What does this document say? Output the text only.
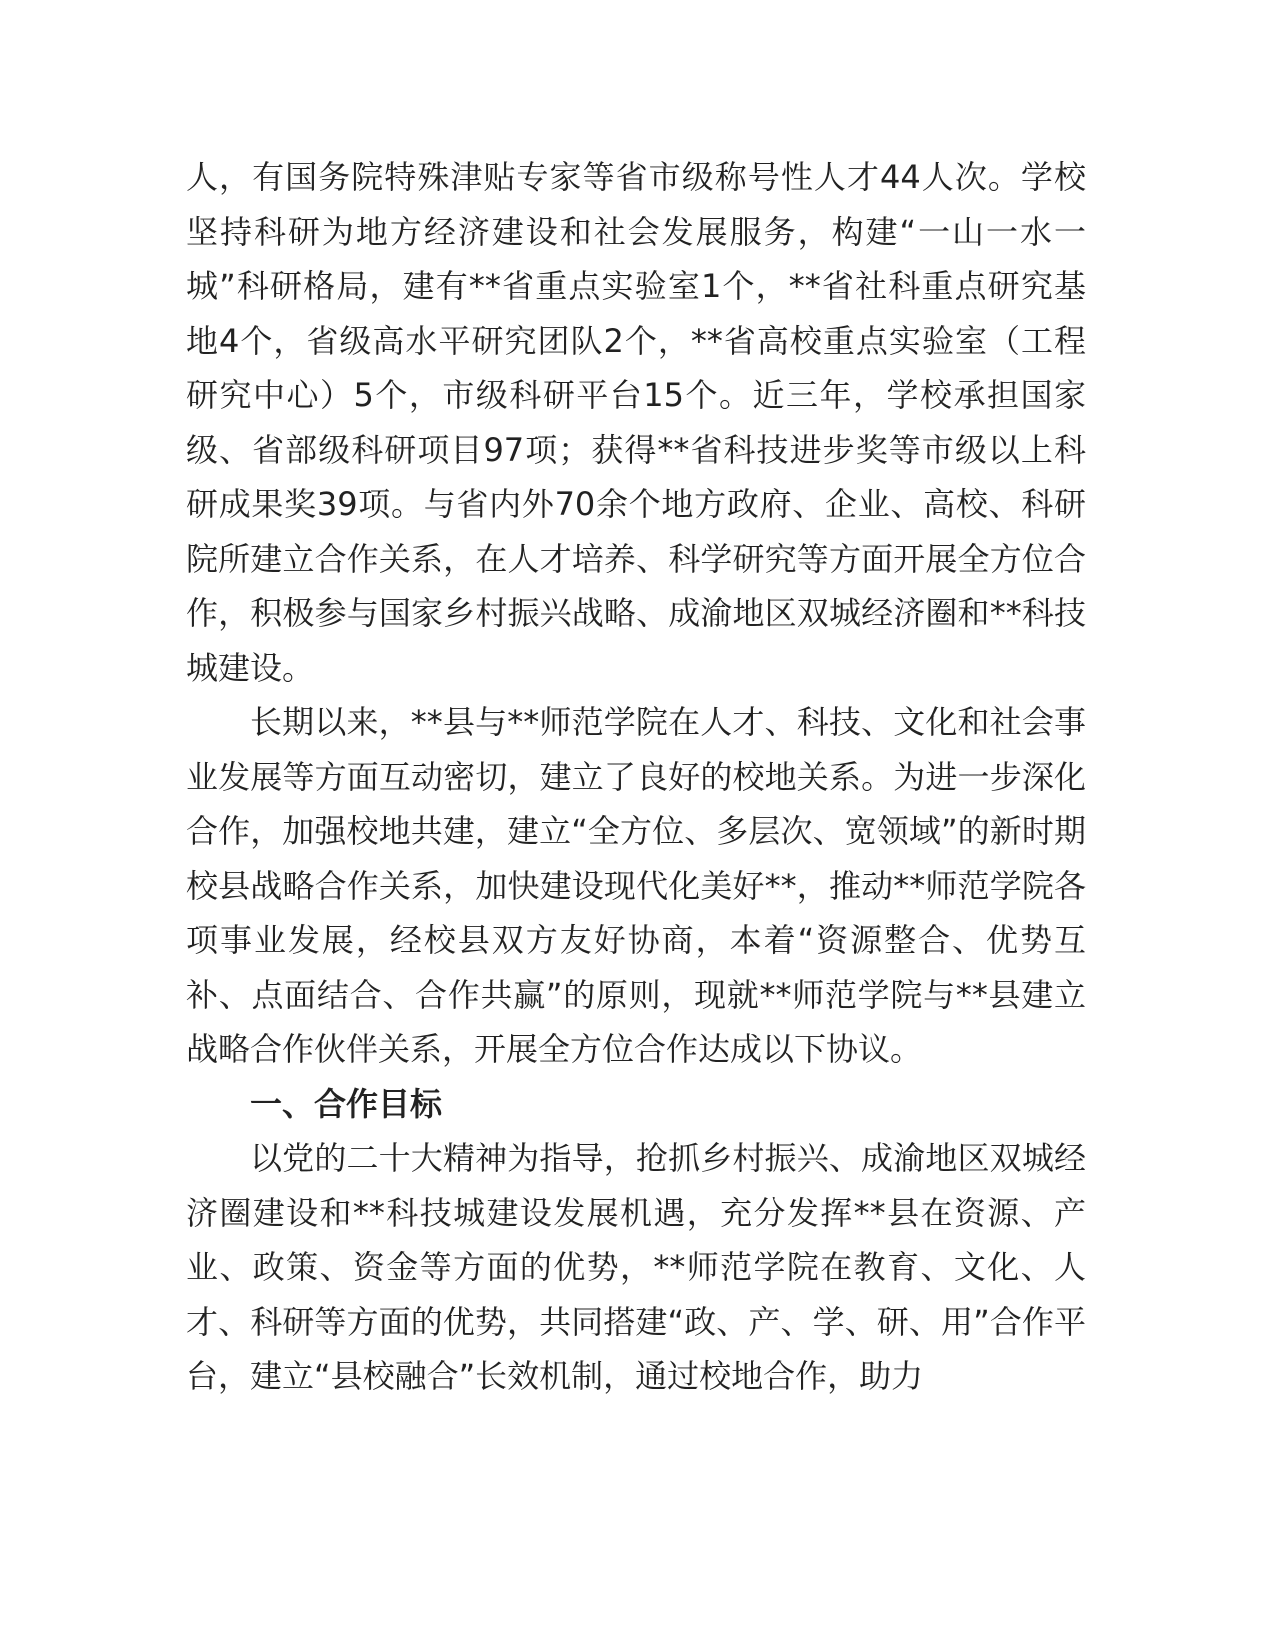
人，有国务院特殊津贴专家等省市级称号性人才44人次。学校坚持科研为地方经济建设和社会发展服务，构建“一山一水一城”科研格局，建有**省重点实验室1个，**省社科重点研究基地4个，省级高水平研究团队2个，**省高校重点实验室（工程研究中心）5个，市级科研平台15个。近三年，学校承担国家级、省部级科研项目97项；获得**省科技进步奖等市级以上科研成果奖39项。与省内外70余个地方政府、企业、高校、科研院所建立合作关系，在人才培养、科学研究等方面开展全方位合作，积极参与国家乡村振兴战略、成渝地区双城经济圈和**科技城建设。

长期以来，**县与**师范学院在人才、科技、文化和社会事业发展等方面互动密切，建立了良好的校地关系。为进一步深化合作，加强校地共建，建立“全方位、多层次、宽领域”的新时期校县战略合作关系，加快建设现代化美好**，推动**师范学院各项事业发展，经校县双方友好协商，本着“资源整合、优势互补、点面结合、合作共赢”的原则，现就**师范学院与**县建立战略合作伙伴关系，开展全方位合作达成以下协议。

一、合作目标

以党的二十大精神为指导，抢抓乡村振兴、成渝地区双城经济圈建设和**科技城建设发展机遇，充分发挥**县在资源、产业、政策、资金等方面的优势，**师范学院在教育、文化、人才、科研等方面的优势，共同搭建“政、产、学、研、用”合作平台，建立“县校融合”长效机制，通过校地合作，助力
